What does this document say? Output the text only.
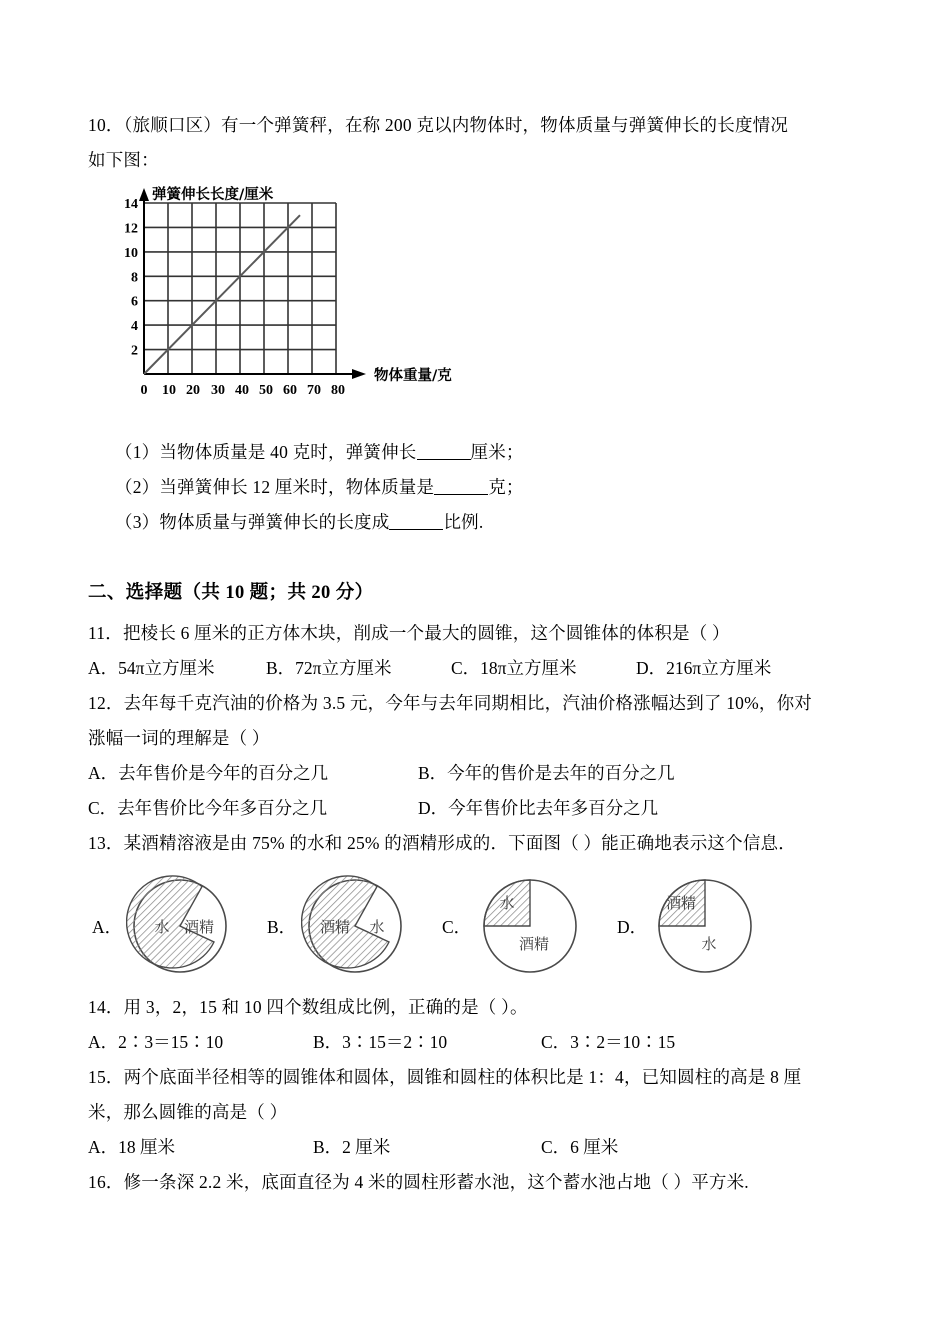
10．（旅顺口区）有一个弹簧秤，在称 200 克以内物体时，物体质量与弹簧伸长的长度情况
如下图：
弹簧伸长长度/厘米
物体重量/克
14
12
10
8
6
4
2
0 10 20 30 40 50 60 70 80
（1）当物体质量是 40 克时，弹簧伸长	厘米；
（2）当弹簧伸长 12 厘米时，物体质量是	克；
（3）物体质量与弹簧伸长的长度成	比例.
二、选择题（共 10 题；共 20 分）
11．把棱长 6 厘米的正方体木块，削成一个最大的圆锥，这个圆锥体的体积是（ ）
A．54π立方厘米	B．72π立方厘米	C．18π立方厘米	D．216π立方厘米
12．去年每千克汽油的价格为 3.5 元，今年与去年同期相比，汽油价格涨幅达到了 10%，你对
涨幅一词的理解是（ ）
A．去年售价是今年的百分之几	B．今年的售价是去年的百分之几
C．去年售价比今年多百分之几	D．今年售价比去年多百分之几
13．某酒精溶液是由 75% 的水和 25% 的酒精形成的．下面图（ ）能正确地表示这个信息．
A． 水 酒精	B．	酒精 水	C．
水
酒精
D．
酒精
水
14．用 3，2，15 和 10 四个数组成比例，正确的是（ ）。
A．2∶3＝15∶10	B．3∶15＝2∶10	C．3∶2＝10∶15
15．两个底面半径相等的圆锥体和圆体，圆锥和圆柱的体积比是 1：4，已知圆柱的高是 8 厘
米，那么圆锥的高是（ ）
A．18 厘米	B．2 厘米	C．6 厘米
16．修一条深 2.2 米，底面直径为 4 米的圆柱形蓄水池，这个蓄水池占地（ ）平方米.
